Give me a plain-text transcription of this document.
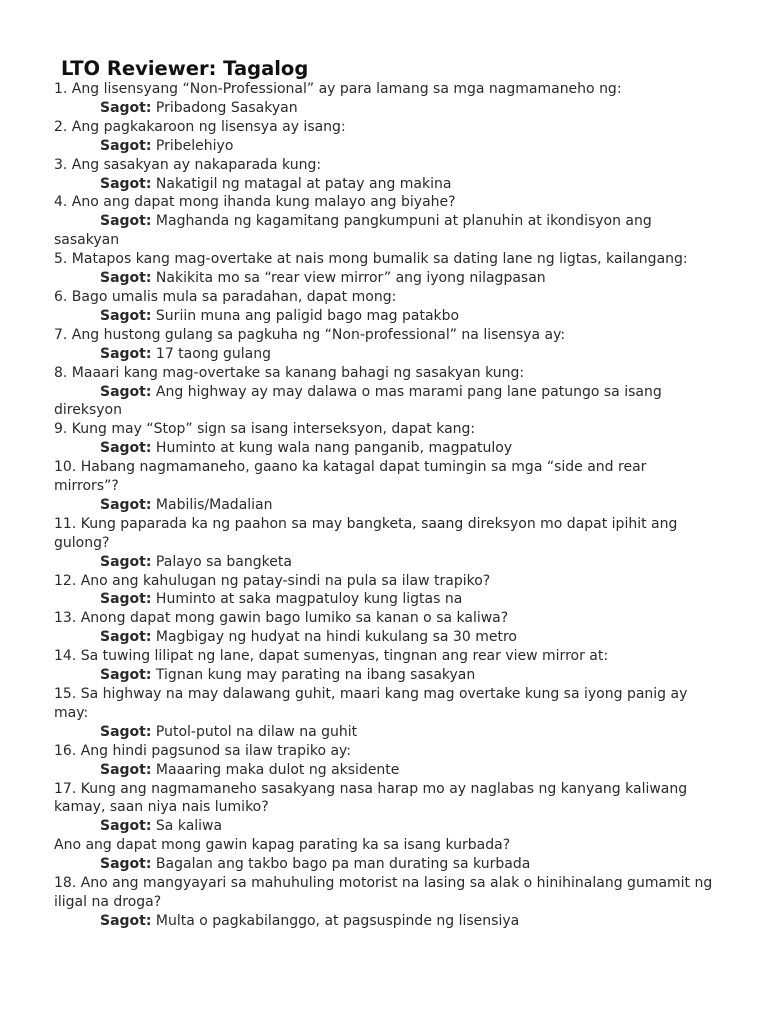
LTO Reviewer: Tagalog

1. Ang lisensyang “Non-Professional” ay para lamang sa mga nagmamaneho ng:

Sagot: Pribadong Sasakyan

2. Ang pagkakaroon ng lisensya ay isang:

Sagot: Pribelehiyo

3. Ang sasakyan ay nakaparada kung:

Sagot: Nakatigil ng matagal at patay ang makina

4. Ano ang dapat mong ihanda kung malayo ang biyahe?

Sagot: Maghanda ng kagamitang pangkumpuni at planuhin at ikondisyon ang sasakyan

5. Matapos kang mag-overtake at nais mong bumalik sa dating lane ng ligtas, kailangang:

Sagot: Nakikita mo sa “rear view mirror” ang iyong nilagpasan

6. Bago umalis mula sa paradahan, dapat mong:

Sagot: Suriin muna ang paligid bago mag patakbo

7. Ang hustong gulang sa pagkuha ng “Non-professional” na lisensya ay:

Sagot: 17 taong gulang

8. Maaari kang mag-overtake sa kanang bahagi ng sasakyan kung:

Sagot: Ang highway ay may dalawa o mas marami pang lane patungo sa isang direksyon

9. Kung may “Stop” sign sa isang interseksyon, dapat kang:

Sagot: Huminto at kung wala nang panganib, magpatuloy

10. Habang nagmamaneho, gaano ka katagal dapat tumingin sa mga “side and rear mirrors”?

Sagot: Mabilis/Madalian

11. Kung paparada ka ng paahon sa may bangketa, saang direksyon mo dapat ipihit ang gulong?

Sagot: Palayo sa bangketa

12. Ano ang kahulugan ng patay-sindi na pula sa ilaw trapiko?

Sagot: Huminto at saka magpatuloy kung ligtas na

13. Anong dapat mong gawin bago lumiko sa kanan o sa kaliwa?

Sagot: Magbigay ng hudyat na hindi kukulang sa 30 metro

14. Sa tuwing lilipat ng lane, dapat sumenyas, tingnan ang rear view mirror at:

Sagot: Tignan kung may parating na ibang sasakyan

15. Sa highway na may dalawang guhit, maari kang mag overtake kung sa iyong panig ay may:

Sagot: Putol-putol na dilaw na guhit

16. Ang hindi pagsunod sa ilaw trapiko ay:

Sagot: Maaaring maka dulot ng aksidente

17. Kung ang nagmamaneho sasakyang nasa harap mo ay naglabas ng kanyang kaliwang kamay, saan niya nais lumiko?

Sagot: Sa kaliwa

Ano ang dapat mong gawin kapag parating ka sa isang kurbada?

Sagot: Bagalan ang takbo bago pa man durating sa kurbada

18. Ano ang mangyayari sa mahuhuling motorist na lasing sa alak o hinihinalang gumamit ng iligal na droga?

Sagot: Multa o pagkabilanggo, at pagsuspinde ng lisensiya
